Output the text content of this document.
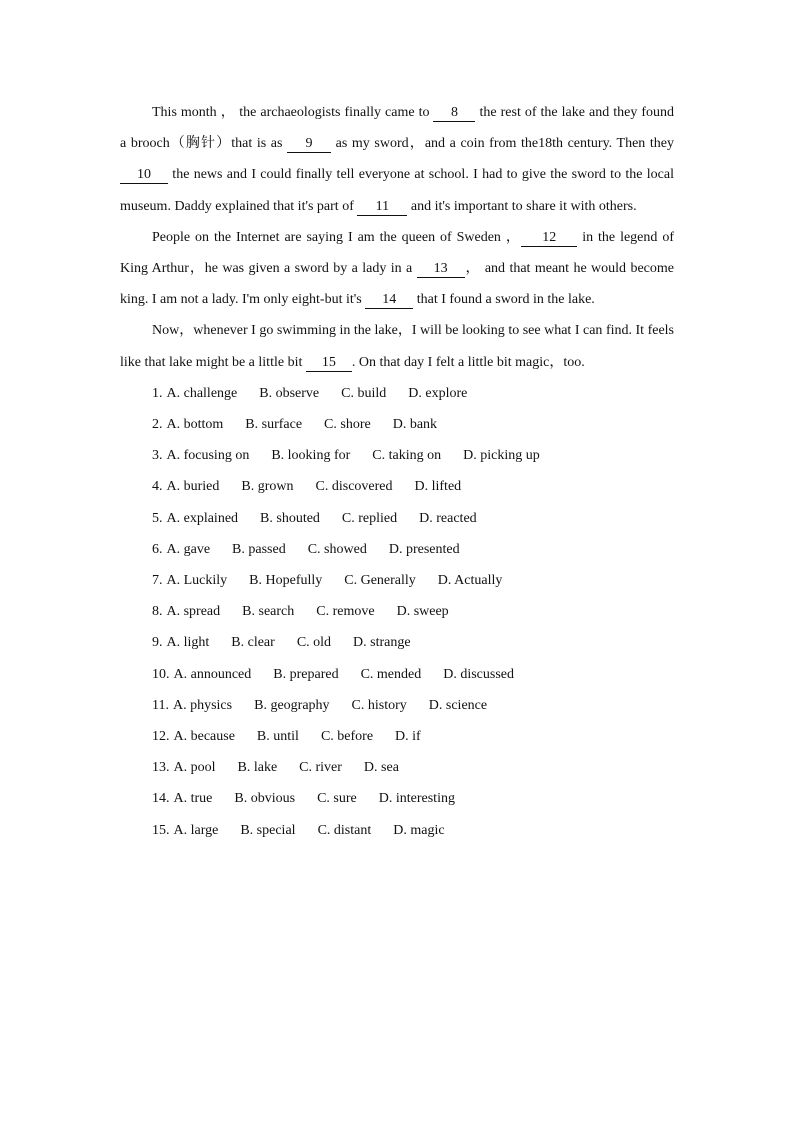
This month ， the archaeologists finally came to 8 the rest of the lake and they found a brooch（胸针）that is as 9 as my sword，and a coin from the18th century. Then they 10 the news and I could finally tell everyone at school. I had to give the sword to the local museum. Daddy explained that it's part of 11 and it's important to share it with others.

People on the Internet are saying I am the queen of Sweden ， 12 in the legend of King Arthur，he was given a sword by a lady in a 13 ， and that meant he would become king. I am not a lady. I'm only eight-but it's 14 that I found a sword in the lake.

Now，whenever I go swimming in the lake，I will be looking to see what I can find. It feels like that lake might be a little bit 15 . On that day I felt a little bit magic，too.

1. A. challenge B. observe C. build D. explore
2. A. bottom B. surface C. shore D. bank
3. A. focusing on B. looking for C. taking on D. picking up
4. A. buried B. grown C. discovered D. lifted
5. A. explained B. shouted C. replied D. reacted
6. A. gave B. passed C. showed D. presented
7. A. Luckily B. Hopefully C. Generally D. Actually
8. A. spread B. search C. remove D. sweep
9. A. light B. clear C. old D. strange
10. A. announced B. prepared C. mended D. discussed
11. A. physics B. geography C. history D. science
12. A. because B. until C. before D. if
13. A. pool B. lake C. river D. sea
14. A. true B. obvious C. sure D. interesting
15. A. large B. special C. distant D. magic
